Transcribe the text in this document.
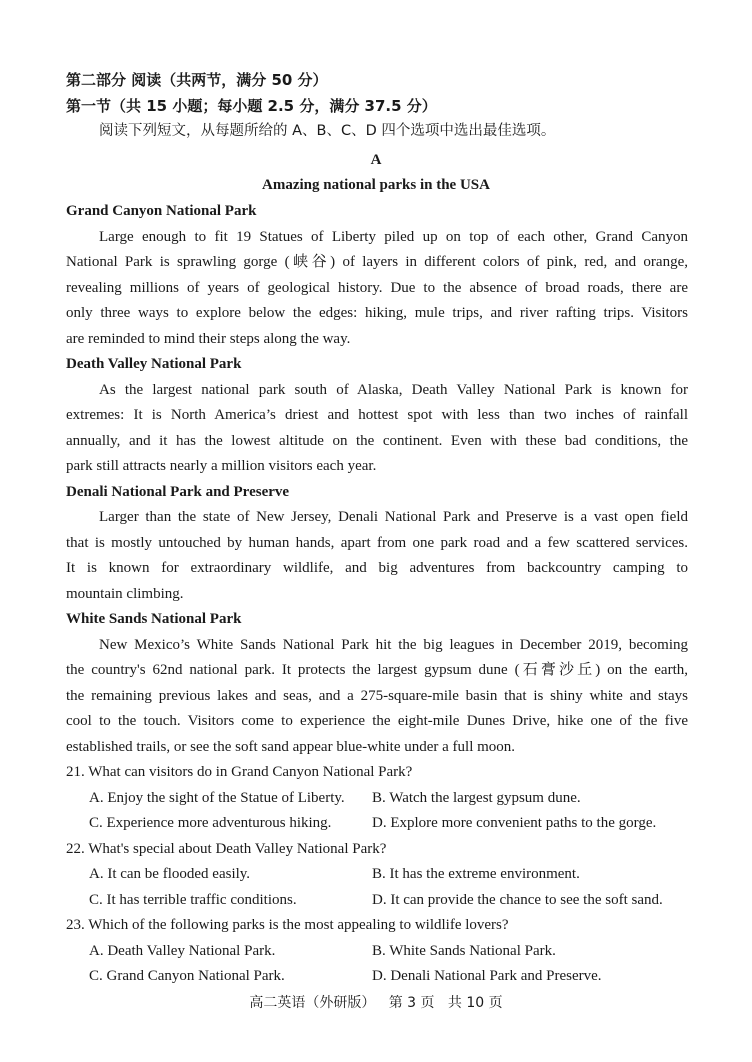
第二部分 阅读（共两节，满分 50 分）
第一节（共 15 小题；每小题 2.5 分，满分 37.5 分）
阅读下列短文，从每题所给的 A、B、C、D 四个选项中选出最佳选项。
A
Amazing national parks in the USA
Grand Canyon National Park
Large enough to fit 19 Statues of Liberty piled up on top of each other, Grand Canyon
National Park is sprawling gorge (峡谷) of layers in different colors of pink, red, and orange,
revealing millions of years of geological history. Due to the absence of broad roads, there are
only three ways to explore below the edges: hiking, mule trips, and river rafting trips. Visitors
are reminded to mind their steps along the way.
Death Valley National Park
As the largest national park south of Alaska, Death Valley National Park is known for
extremes: It is North America’s driest and hottest spot with less than two inches of rainfall
annually, and it has the lowest altitude on the continent. Even with these bad conditions, the
park still attracts nearly a million visitors each year.
Denali National Park and Preserve
Larger than the state of New Jersey, Denali National Park and Preserve is a vast open field
that is mostly untouched by human hands, apart from one park road and a few scattered services.
It is known for extraordinary wildlife, and big adventures from backcountry camping to
mountain climbing.
White Sands National Park
New Mexico’s White Sands National Park hit the big leagues in December 2019, becoming
the country's 62nd national park. It protects the largest gypsum dune (石膏沙丘) on the earth,
the remaining previous lakes and seas, and a 275-square-mile basin that is shiny white and stays
cool to the touch. Visitors come to experience the eight-mile Dunes Drive, hike one of the five
established trails, or see the soft sand appear blue-white under a full moon.
21. What can visitors do in Grand Canyon National Park?
A. Enjoy the sight of the Statue of Liberty. B. Watch the largest gypsum dune.
C. Experience more adventurous hiking.	D. Explore more convenient paths to the gorge.
22. What's special about Death Valley National Park?
A. It can be flooded easily.	B. It has the extreme environment.
C. It has terrible traffic conditions.	D. It can provide the chance to see the soft sand.
23. Which of the following parks is the most appealing to wildlife lovers?
A. Death Valley National Park.	B. White Sands National Park.
C. Grand Canyon National Park.	D. Denali National Park and Preserve.
高二英语（外研版）   第 3 页   共 10 页
